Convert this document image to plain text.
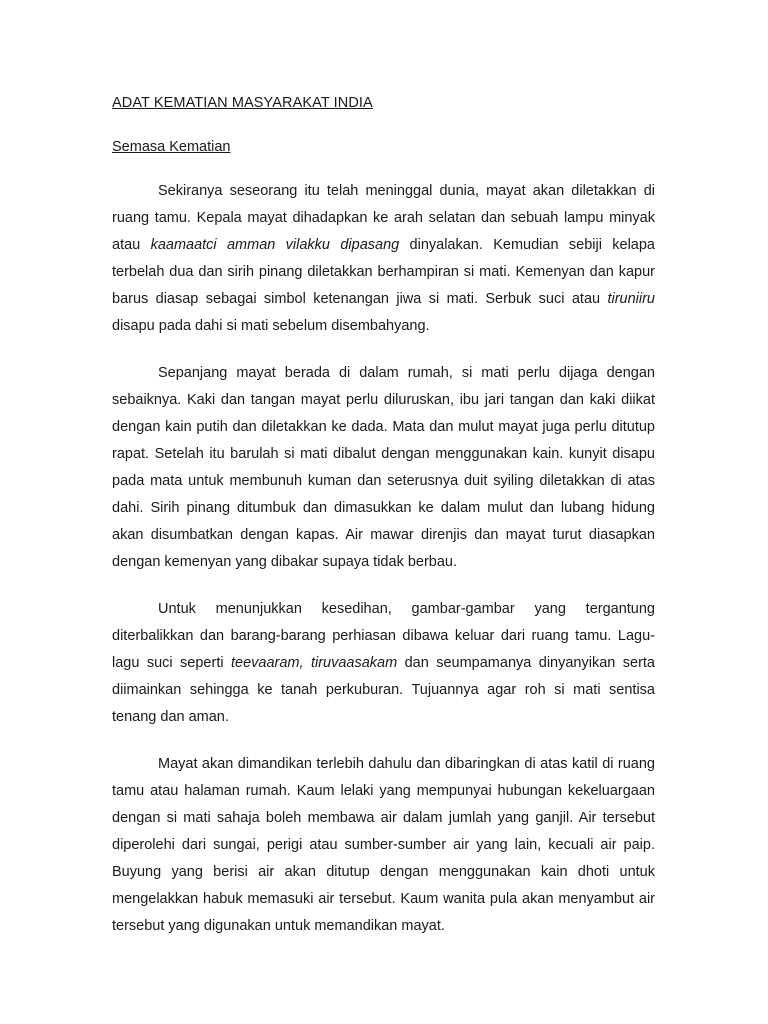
ADAT KEMATIAN MASYARAKAT INDIA
Semasa Kematian

Sekiranya seseorang itu telah meninggal dunia, mayat akan diletakkan di ruang tamu. Kepala mayat dihadapkan ke arah selatan dan sebuah lampu minyak atau kaamaatci amman vilakku dipasang dinyalakan. Kemudian sebiji kelapa terbelah dua dan sirih pinang diletakkan berhampiran si mati. Kemenyan dan kapur barus diasap sebagai simbol ketenangan jiwa si mati. Serbuk suci atau tiruniiru disapu pada dahi si mati sebelum disembahyang.

Sepanjang mayat berada di dalam rumah, si mati perlu dijaga dengan sebaiknya. Kaki dan tangan mayat perlu diluruskan, ibu jari tangan dan kaki diikat dengan kain putih dan diletakkan ke dada. Mata dan mulut mayat juga perlu ditutup rapat. Setelah itu barulah si mati dibalut dengan menggunakan kain. kunyit disapu pada mata untuk membunuh kuman dan seterusnya duit syiling diletakkan di atas dahi. Sirih pinang ditumbuk dan dimasukkan ke dalam mulut dan lubang hidung akan disumbatkan dengan kapas. Air mawar direnjis dan mayat turut diasapkan dengan kemenyan yang dibakar supaya tidak berbau.

Untuk menunjukkan kesedihan, gambar-gambar yang tergantung diterbalikkan dan barang-barang perhiasan dibawa keluar dari ruang tamu. Lagu-lagu suci seperti teevaaram, tiruvaasakam dan seumpamanya dinyanyikan serta diimainkan sehingga ke tanah perkuburan. Tujuannya agar roh si mati sentisa tenang dan aman.

Mayat akan dimandikan terlebih dahulu dan dibaringkan di atas katil di ruang tamu atau halaman rumah. Kaum lelaki yang mempunyai hubungan kekeluargaan dengan si mati sahaja boleh membawa air dalam jumlah yang ganjil. Air tersebut diperolehi dari sungai, perigi atau sumber-sumber air yang lain, kecuali air paip. Buyung yang berisi air akan ditutup dengan menggunakan kain dhoti untuk mengelakkan habuk memasuki air tersebut. Kaum wanita pula akan menyambut air tersebut yang digunakan untuk memandikan mayat.
